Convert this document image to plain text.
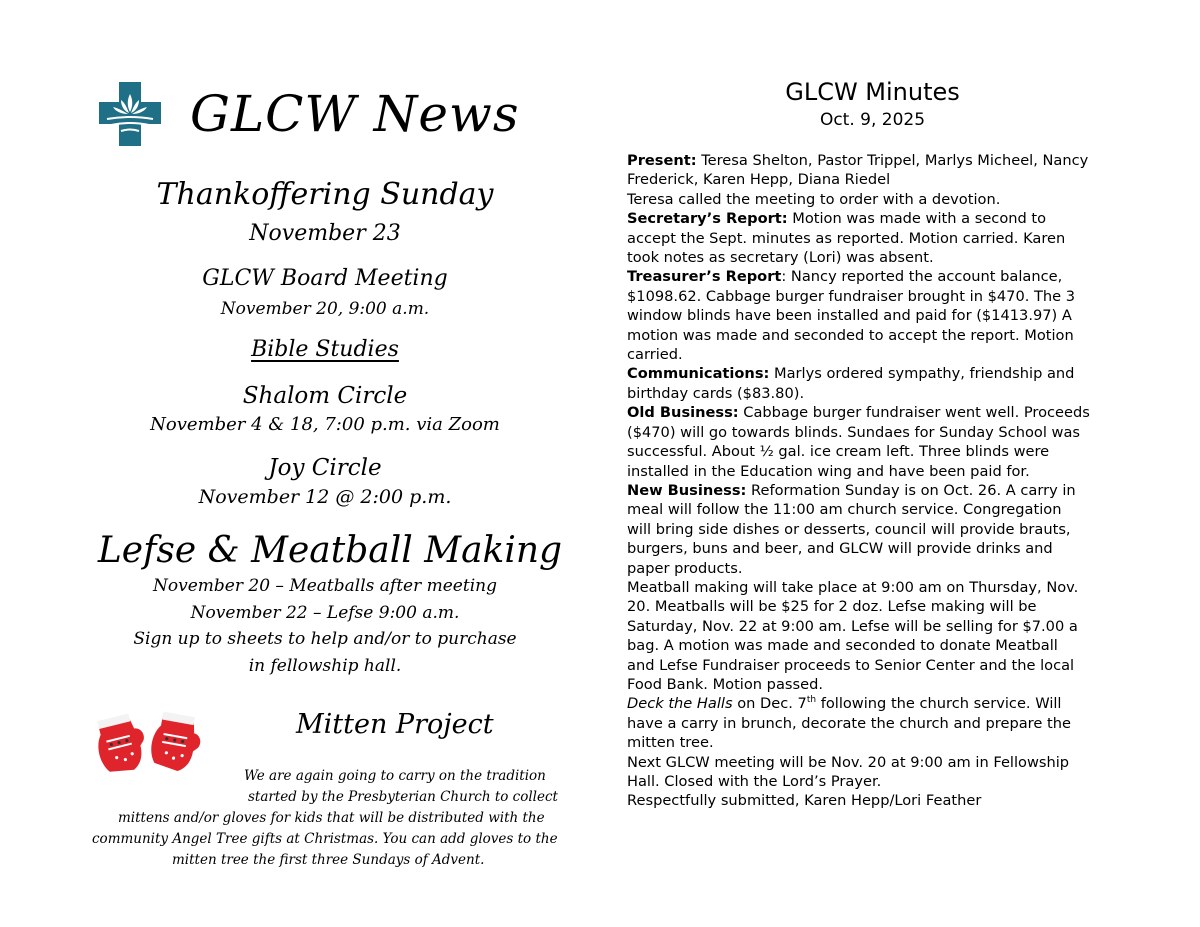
GLCW News
Thankoffering Sunday
November 23
GLCW Board Meeting
November 20, 9:00 a.m.
Bible Studies
Shalom Circle
November 4 & 18, 7:00 p.m. via Zoom
Joy Circle
November 12 @ 2:00 p.m.
Lefse & Meatball Making
November 20 – Meatballs after meeting
November 22 – Lefse 9:00 a.m.
Sign up to sheets to help and/or to purchase
in fellowship hall.
Mitten Project
We are again going to carry on the tradition
started by the Presbyterian Church to collect
mittens and/or gloves for kids that will be distributed with the
community Angel Tree gifts at Christmas. You can add gloves to the
mitten tree the first three Sundays of Advent.
GLCW Minutes
Oct. 9, 2025
Present: Teresa Shelton, Pastor Trippel, Marlys Micheel, Nancy
Frederick, Karen Hepp, Diana Riedel
Teresa called the meeting to order with a devotion.
Secretary’s Report: Motion was made with a second to
accept the Sept. minutes as reported. Motion carried. Karen
took notes as secretary (Lori) was absent.
Treasurer’s Report: Nancy reported the account balance,
$1098.62. Cabbage burger fundraiser brought in $470. The 3
window blinds have been installed and paid for ($1413.97) A
motion was made and seconded to accept the report. Motion
carried.
Communications: Marlys ordered sympathy, friendship and
birthday cards ($83.80).
Old Business: Cabbage burger fundraiser went well. Proceeds
($470) will go towards blinds. Sundaes for Sunday School was
successful. About ½ gal. ice cream left. Three blinds were
installed in the Education wing and have been paid for.
New Business: Reformation Sunday is on Oct. 26. A carry in
meal will follow the 11:00 am church service. Congregation
will bring side dishes or desserts, council will provide brauts,
burgers, buns and beer, and GLCW will provide drinks and
paper products.
Meatball making will take place at 9:00 am on Thursday, Nov.
20. Meatballs will be $25 for 2 doz. Lefse making will be
Saturday, Nov. 22 at 9:00 am. Lefse will be selling for $7.00 a
bag. A motion was made and seconded to donate Meatball
and Lefse Fundraiser proceeds to Senior Center and the local
Food Bank. Motion passed.
Deck the Halls on Dec. 7th following the church service. Will
have a carry in brunch, decorate the church and prepare the
mitten tree.
Next GLCW meeting will be Nov. 20 at 9:00 am in Fellowship
Hall. Closed with the Lord’s Prayer.
Respectfully submitted, Karen Hepp/Lori Feather
